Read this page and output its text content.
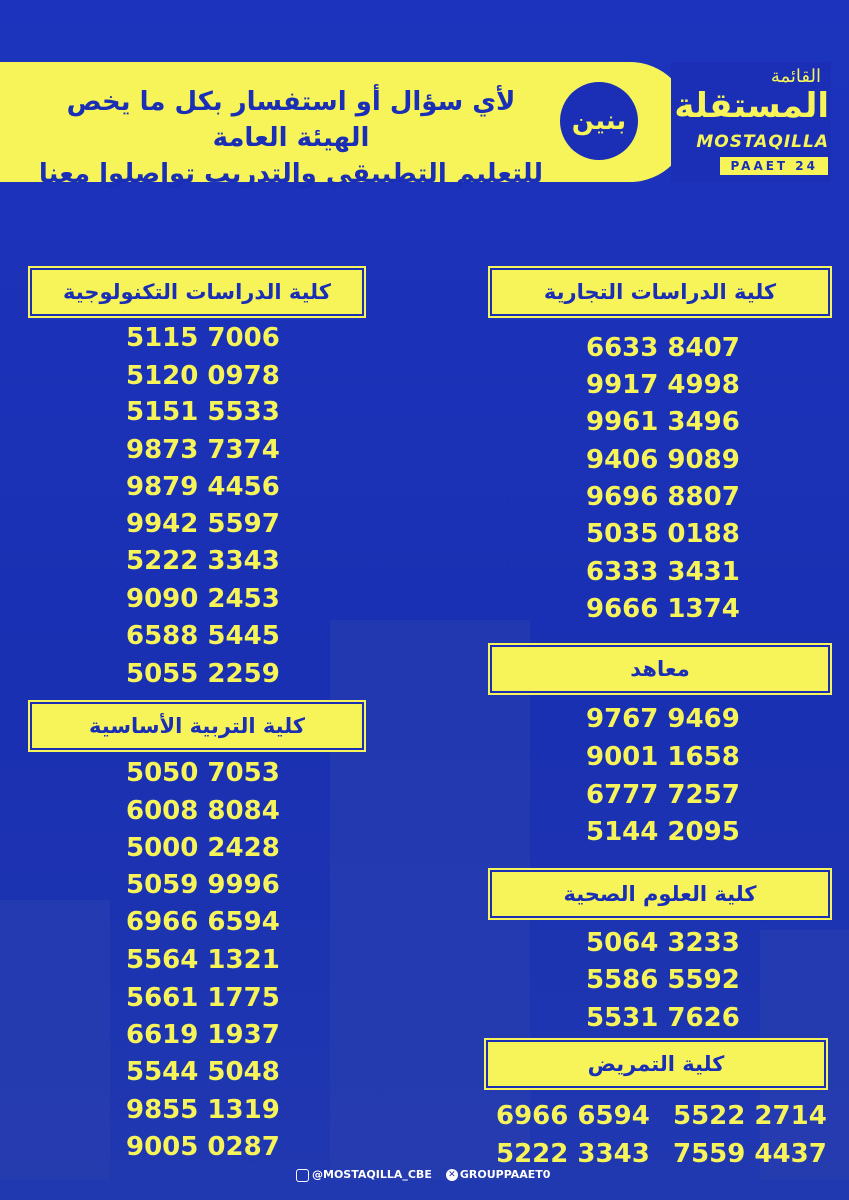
القائمة
المستقلة
MOSTAQILLA
PAAET 24
بنين
لأي سؤال أو استفسار بكل ما يخص الهيئة العامة
للتعليم التطبيقي والتدريب تواصلوا معنا
كلية الدراسات التكنولوجية
كلية التربية الأساسية
كلية الدراسات التجارية
معاهد
كلية العلوم الصحية
كلية التمريض
5115 7006
5120 0978
5151 5533
9873 7374
9879 4456
9942 5597
5222 3343
9090 2453
6588 5445
5055 2259
5050 7053
6008 8084
5000 2428
5059 9996
6966 6594
5564 1321
5661 1775
6619 1937
5544 5048
9855 1319
9005 0287
6633 8407
9917 4998
9961 3496
9406 9089
9696 8807
5035 0188
6333 3431
9666 1374
9767 9469
9001 1658
6777 7257
5144 2095
5064 3233
5586 5592
5531 7626
5522 2714
6966 6594
7559 4437
5222 3343
@MOSTAQILLA_CBE ✕ GROUPPAAET0
